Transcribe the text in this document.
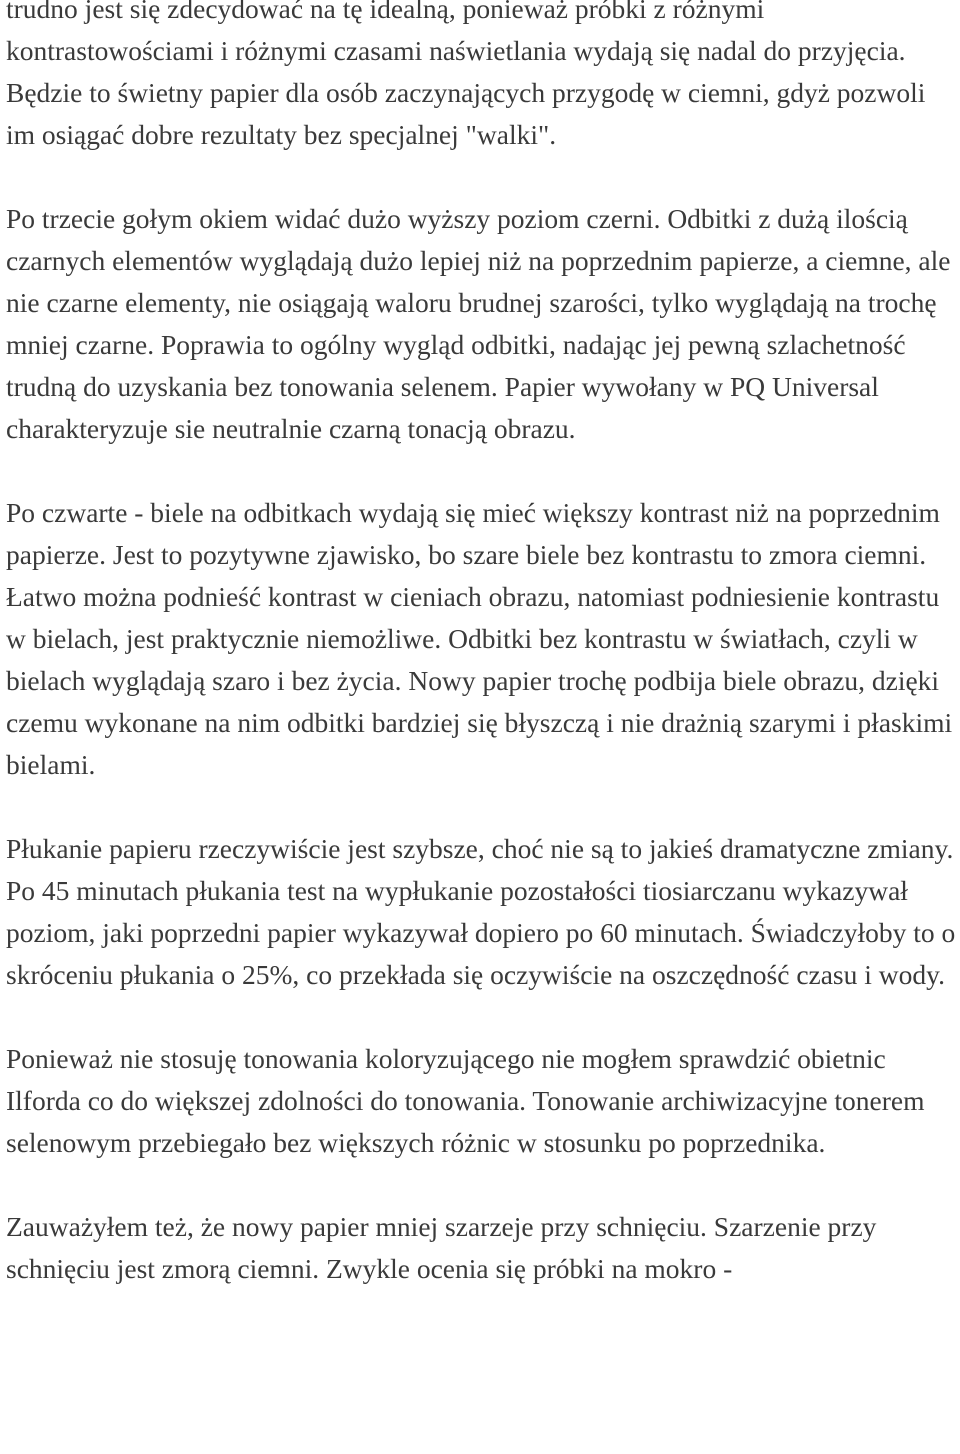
trudno jest się zdecydować na tę idealną, ponieważ próbki z różnymi kontrastowościami i różnymi czasami naświetlania wydają się nadal do przyjęcia. Będzie to świetny papier dla osób zaczynających przygodę w ciemni, gdyż pozwoli im osiągać dobre rezultaty bez specjalnej "walki".

Po trzecie gołym okiem widać dużo wyższy poziom czerni. Odbitki z dużą ilością czarnych elementów wyglądają dużo lepiej niż na poprzednim papierze, a ciemne, ale nie czarne elementy, nie osiągają waloru brudnej szarości, tylko wyglądają na trochę mniej czarne. Poprawia to ogólny wygląd odbitki, nadając jej pewną szlachetność trudną do uzyskania bez tonowania selenem. Papier wywołany w PQ Universal charakteryzuje sie neutralnie czarną tonacją obrazu.

Po czwarte - biele na odbitkach wydają się mieć większy kontrast niż na poprzednim papierze. Jest to pozytywne zjawisko, bo szare biele bez kontrastu to zmora ciemni. Łatwo można podnieść kontrast w cieniach obrazu, natomiast podniesienie kontrastu w bielach, jest praktycznie niemożliwe. Odbitki bez kontrastu w światłach, czyli w bielach wyglądają szaro i bez życia. Nowy papier trochę podbija biele obrazu, dzięki czemu wykonane na nim odbitki bardziej się błyszczą i nie drażnią szarymi i płaskimi bielami.

Płukanie papieru rzeczywiście jest szybsze, choć nie są to jakieś dramatyczne zmiany. Po 45 minutach płukania test na wypłukanie pozostałości tiosiarczanu wykazywał poziom, jaki poprzedni papier wykazywał dopiero po 60 minutach. Świadczyłoby to o skróceniu płukania o 25%, co przekłada się oczywiście na oszczędność czasu i wody.

Ponieważ nie stosuję tonowania koloryzującego nie mogłem sprawdzić obietnic Ilforda co do większej zdolności do tonowania. Tonowanie archiwizacyjne tonerem selenowym przebiegało bez większych różnic w stosunku po poprzednika.

Zauważyłem też, że nowy papier mniej szarzeje przy schnięciu. Szarzenie przy schnięciu jest zmorą ciemni. Zwykle ocenia się próbki na mokro -
